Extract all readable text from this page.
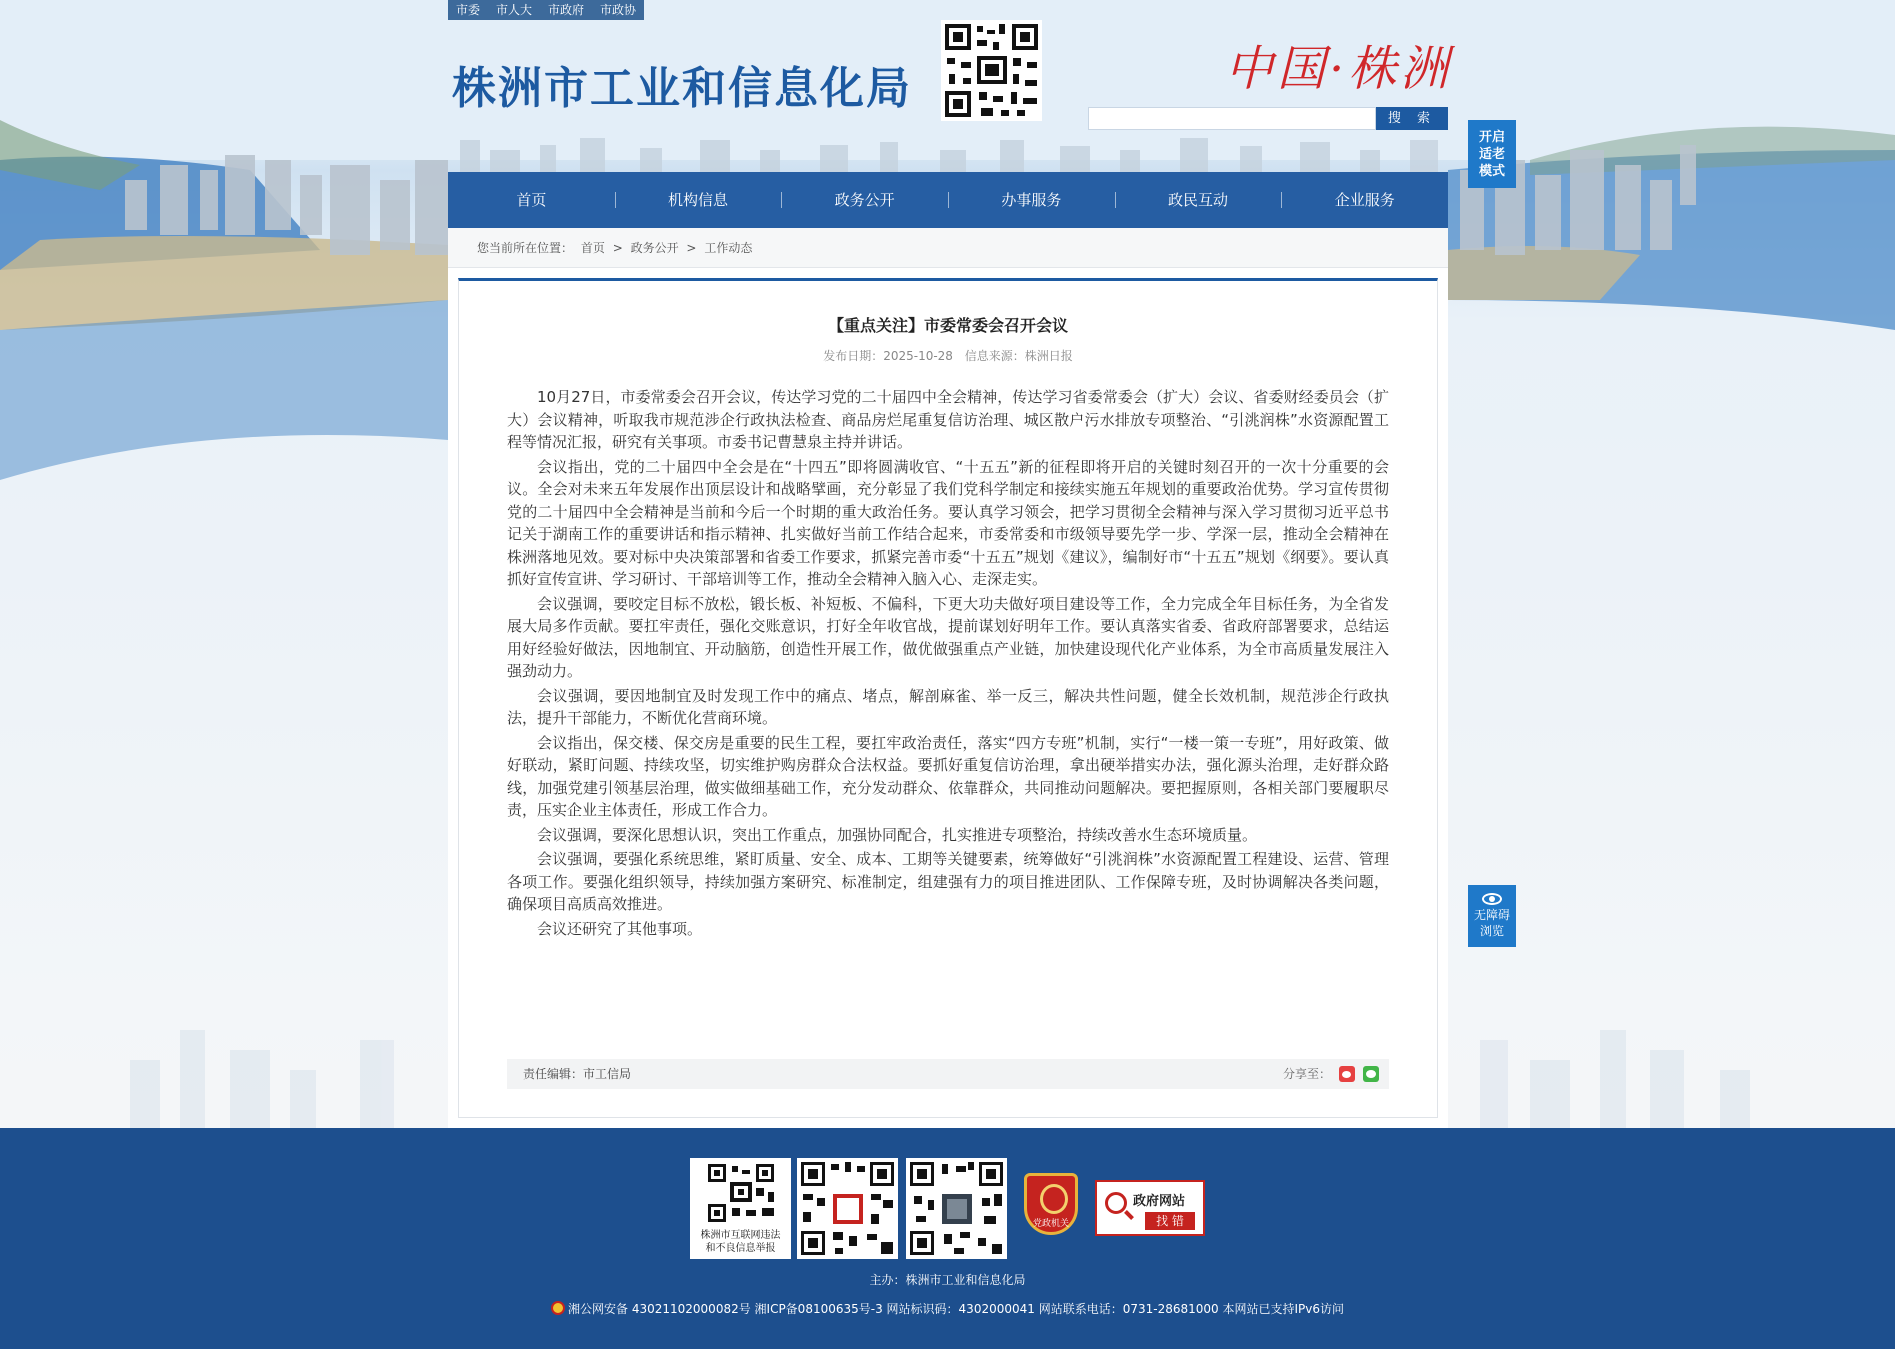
市委	市人大	市政府	市政协
株洲市工业和信息化局	中国·株洲
搜 索
开启适老模式
首页	机构信息	政务公开	办事服务	政民互动	企业服务
您当前所在位置： 首页 > 政务公开 > 工作动态
【重点关注】市委常委会召开会议
发布日期：2025-10-28 信息来源：株洲日报

10月27日，市委常委会召开会议，传达学习党的二十届四中全会精神，传达学习省委常委会（扩大）会议、省委财经委员会（扩大）会议精神，听取我市规范涉企行政执法检查、商品房烂尾重复信访治理、城区散户污水排放专项整治、“引洮润株”水资源配置工程等情况汇报，研究有关事项。市委书记曹慧泉主持并讲话。

会议指出，党的二十届四中全会是在“十四五”即将圆满收官、“十五五”新的征程即将开启的关键时刻召开的一次十分重要的会议。全会对未来五年发展作出顶层设计和战略擘画，充分彰显了我们党科学制定和接续实施五年规划的重要政治优势。学习宣传贯彻党的二十届四中全会精神是当前和今后一个时期的重大政治任务。要认真学习领会，把学习贯彻全会精神与深入学习贯彻习近平总书记关于湖南工作的重要讲话和指示精神、扎实做好当前工作结合起来，市委常委和市级领导要先学一步、学深一层，推动全会精神在株洲落地见效。要对标中央决策部署和省委工作要求，抓紧完善市委“十五五”规划《建议》，编制好市“十五五”规划《纲要》。要认真抓好宣传宣讲、学习研讨、干部培训等工作，推动全会精神入脑入心、走深走实。

会议强调，要咬定目标不放松，锻长板、补短板、不偏科，下更大功夫做好项目建设等工作，全力完成全年目标任务，为全省发展大局多作贡献。要扛牢责任，强化交账意识，打好全年收官战，提前谋划好明年工作。要认真落实省委、省政府部署要求，总结运用好经验好做法，因地制宜、开动脑筋，创造性开展工作，做优做强重点产业链，加快建设现代化产业体系，为全市高质量发展注入强劲动力。

会议强调，要因地制宜及时发现工作中的痛点、堵点，解剖麻雀、举一反三，解决共性问题，健全长效机制，规范涉企行政执法，提升干部能力，不断优化营商环境。

会议指出，保交楼、保交房是重要的民生工程，要扛牢政治责任，落实“四方专班”机制，实行“一楼一策一专班”，用好政策、做好联动，紧盯问题、持续攻坚，切实维护购房群众合法权益。要抓好重复信访治理，拿出硬举措实办法，强化源头治理，走好群众路线，加强党建引领基层治理，做实做细基础工作，充分发动群众、依靠群众，共同推动问题解决。要把握原则，各相关部门要履职尽责，压实企业主体责任，形成工作合力。

会议强调，要深化思想认识，突出工作重点，加强协同配合，扎实推进专项整治，持续改善水生态环境质量。

会议强调，要强化系统思维，紧盯质量、安全、成本、工期等关键要素，统筹做好“引洮润株”水资源配置工程建设、运营、管理各项工作。要强化组织领导，持续加强方案研究、标准制定，组建强有力的项目推进团队、工作保障专班，及时协调解决各类问题，确保项目高质高效推进。

会议还研究了其他事项。

责任编辑：市工信局	分享至：
无障碍浏览
株洲市互联网违法
和不良信息举报
党政机关
政府网站
找 错
主办：株洲市工业和信息化局
湘公网安备 43021102000082号 湘ICP备08100635号-3 网站标识码：4302000041 网站联系电话：0731-28681000 本网站已支持IPv6访问
